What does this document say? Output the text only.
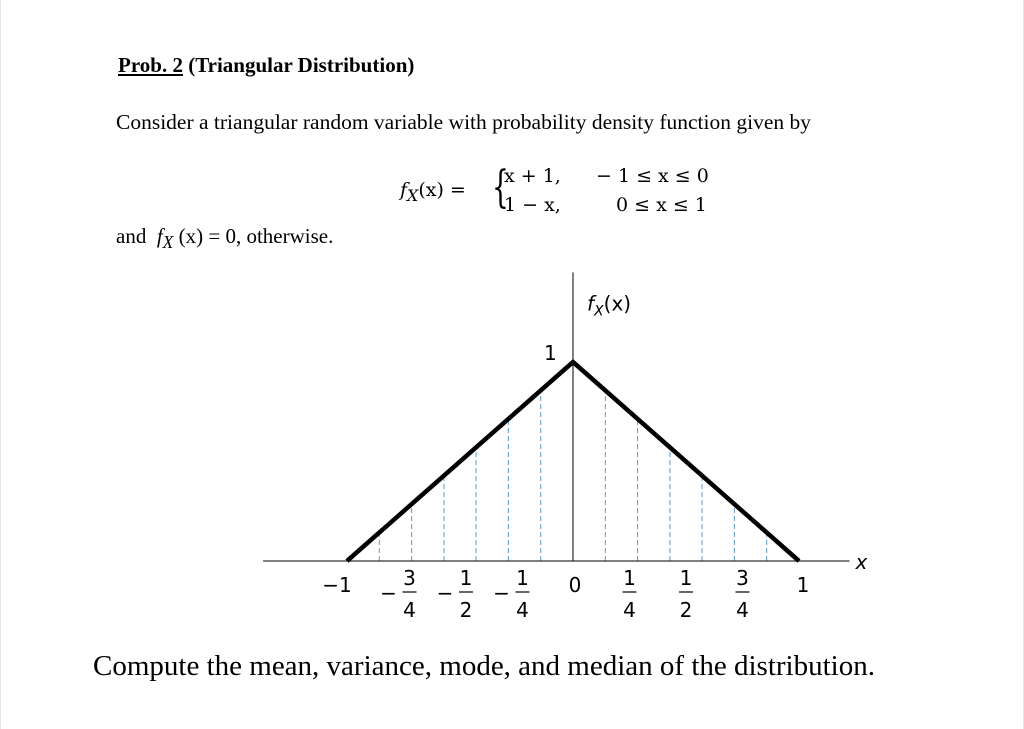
Prob. 2 (Triangular Distribution)
Consider a triangular random variable with probability density function given by
$f_X(x)$ = {
x + 1, − 1 ≤ x ≤ 0
1 − x,	0 ≤ x ≤ 1
and $f_X$ (x) = 0, otherwise.
$f_X(x)$
1
x
−1 −
3
4
−
1
2
−
1
4
0 1
4
1
2
3
4
1
Compute the mean, variance, mode, and median of the distribution.
